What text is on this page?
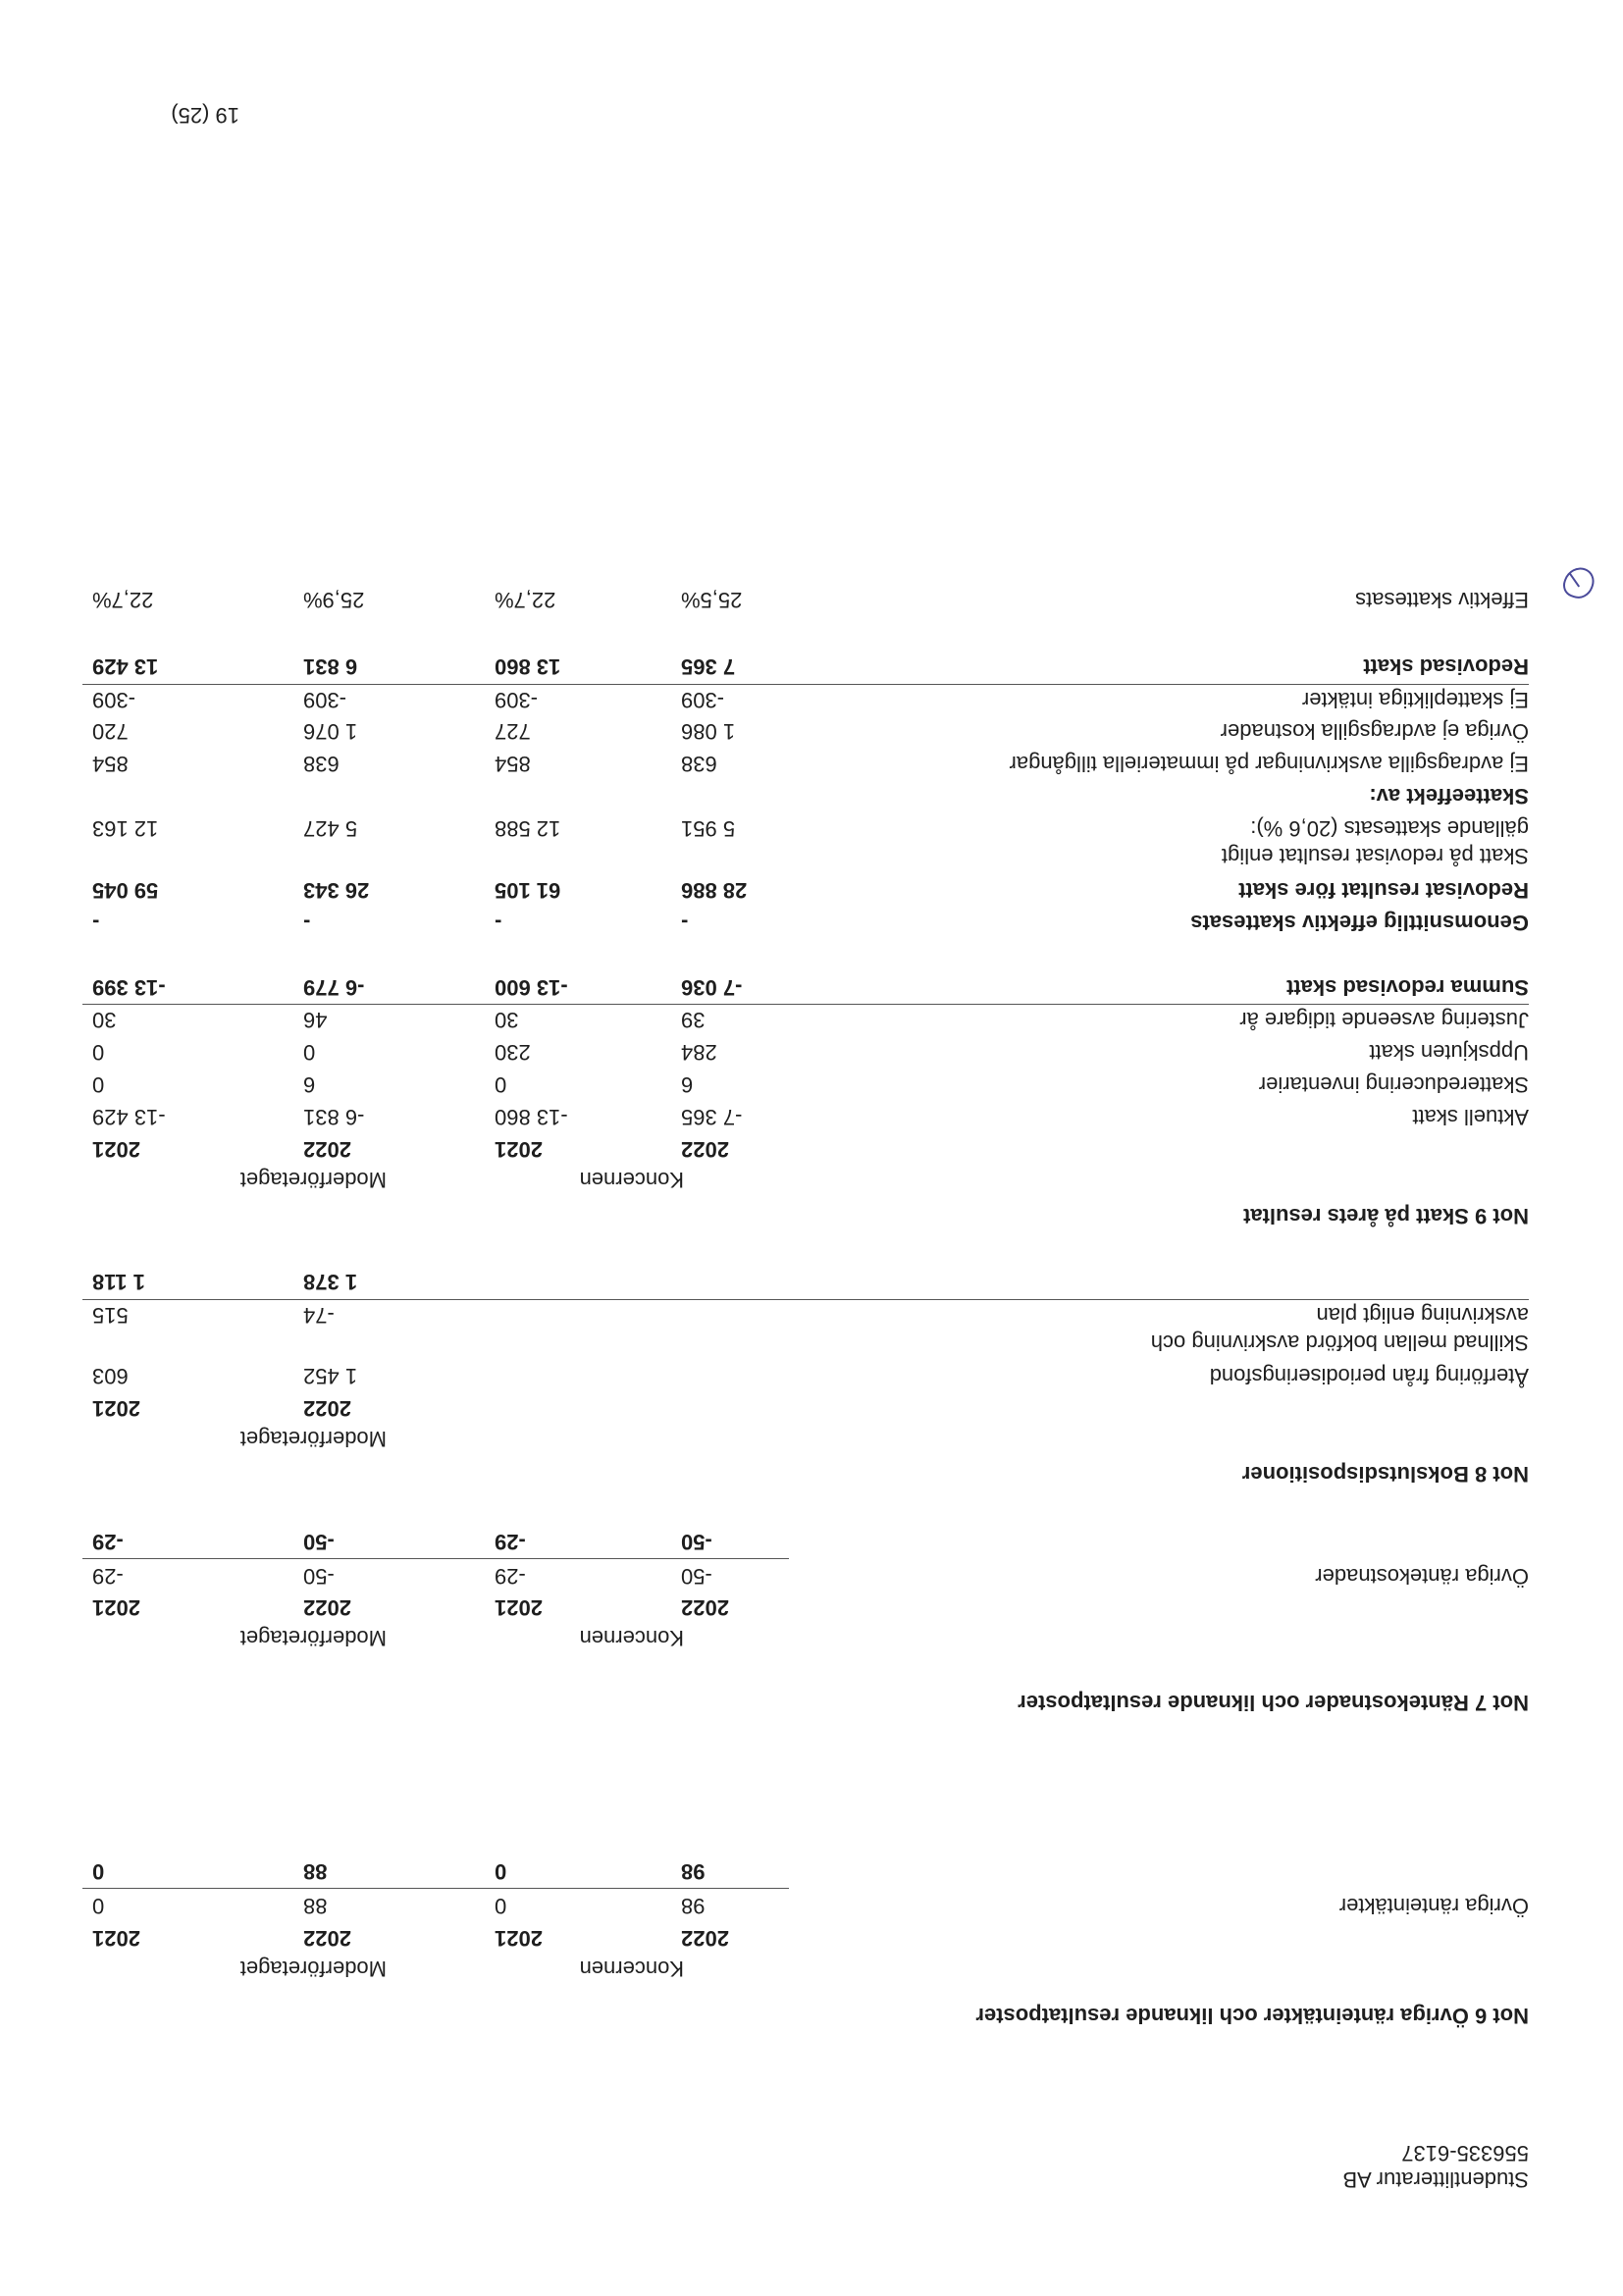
Studentlitteratur AB
556335-6137
Not 6 Övriga ränteintäkter och liknande resultatposter
Koncernen
Moderföretaget
2022
2021
2022
2021
Övriga ränteintäkter
98
0
88
0
98
0
88
0
Not 7 Räntekostnader och liknande resultatposter
Koncernen
Moderföretaget
2022
2021
2022
2021
Övriga räntekostnader
-50
-29
-50
-29
-50
-29
-50
-29
Not 8 Bokslutsdispositioner
Moderföretaget
2022
2021
Återföring från periodiseringsfond
1 452
603
Skillnad mellan bokförd avskrivning och
avskrivning enligt plan
-74
515
1 378
1 118
Not 9 Skatt på årets resultat
Koncernen
Moderföretaget
2022
2021
2022
2021
Aktuell skatt
-7 365
-13 860
-6 831
-13 429
Skattereducering inventarier
6
0
6
0
Uppskjuten skatt
284
230
0
0
Justering avseende tidigare år
39
30
46
30
Summa redovisad skatt
-7 036
-13 600
-6 779
-13 399
Genomsnittlig effektiv skattesats
-
-
-
-
Redovisat resultat före skatt
28 886
61 105
26 343
59 045
Skatt på redovisat resultat enligt
gällande skattesats (20,6 %):
5 951
12 588
5 427
12 163
Skatteeffekt av:
Ej avdragsgilla avskrivningar på immateriella tillgångar
638
854
638
854
Övriga ej avdragsgilla kostnader
1 086
727
1 076
720
Ej skattepliktiga intäkter
-309
-309
-309
-309
Redovisad skatt
7 365
13 860
6 831
13 429
Effektiv skattesats
25,5%
22,7%
25,9%
22,7%
19 (25)
